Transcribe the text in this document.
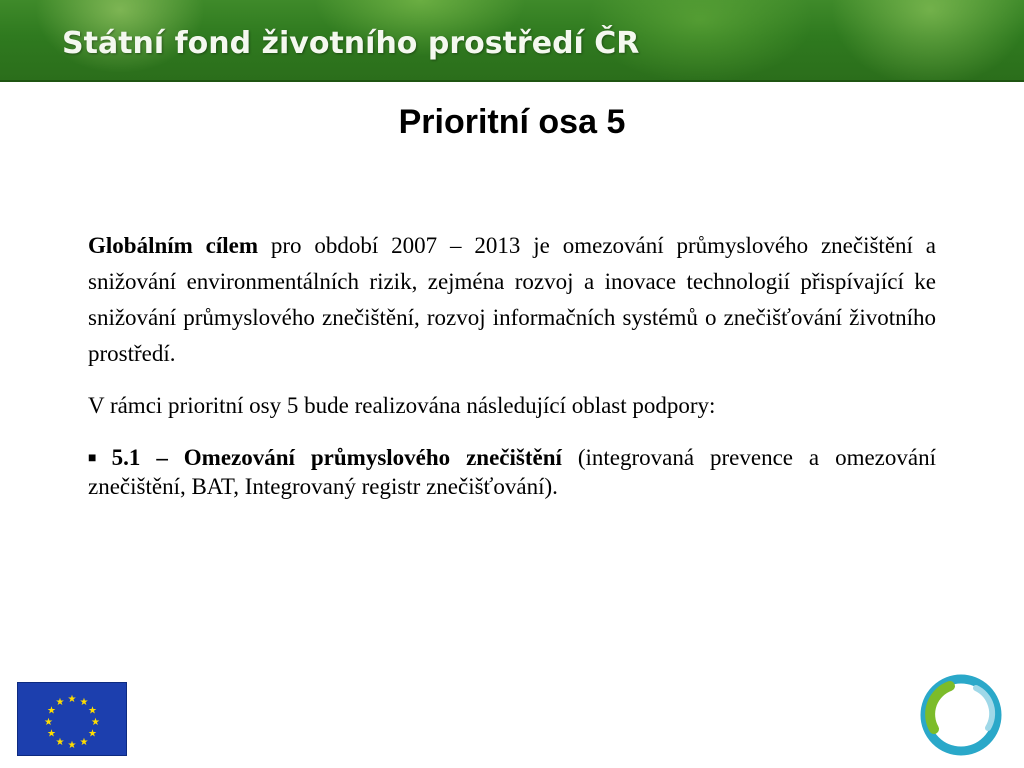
Státní fond životního prostředí ČR
Prioritní osa 5

Globálním cílem pro období 2007 – 2013 je omezování průmyslového znečištění a snižování environmentálních rizik, zejména rozvoj a inovace technologií přispívající ke snižování průmyslového znečištění, rozvoj informačních systémů o znečišťování životního prostředí.

V rámci prioritní osy 5 bude realizována následující oblast podpory:

■ 5.1 – Omezování průmyslového znečištění (integrovaná prevence a omezování znečištění, BAT, Integrovaný registr znečišťování).

★ ★
★
★
★
★
★
★
★
★
★
★
